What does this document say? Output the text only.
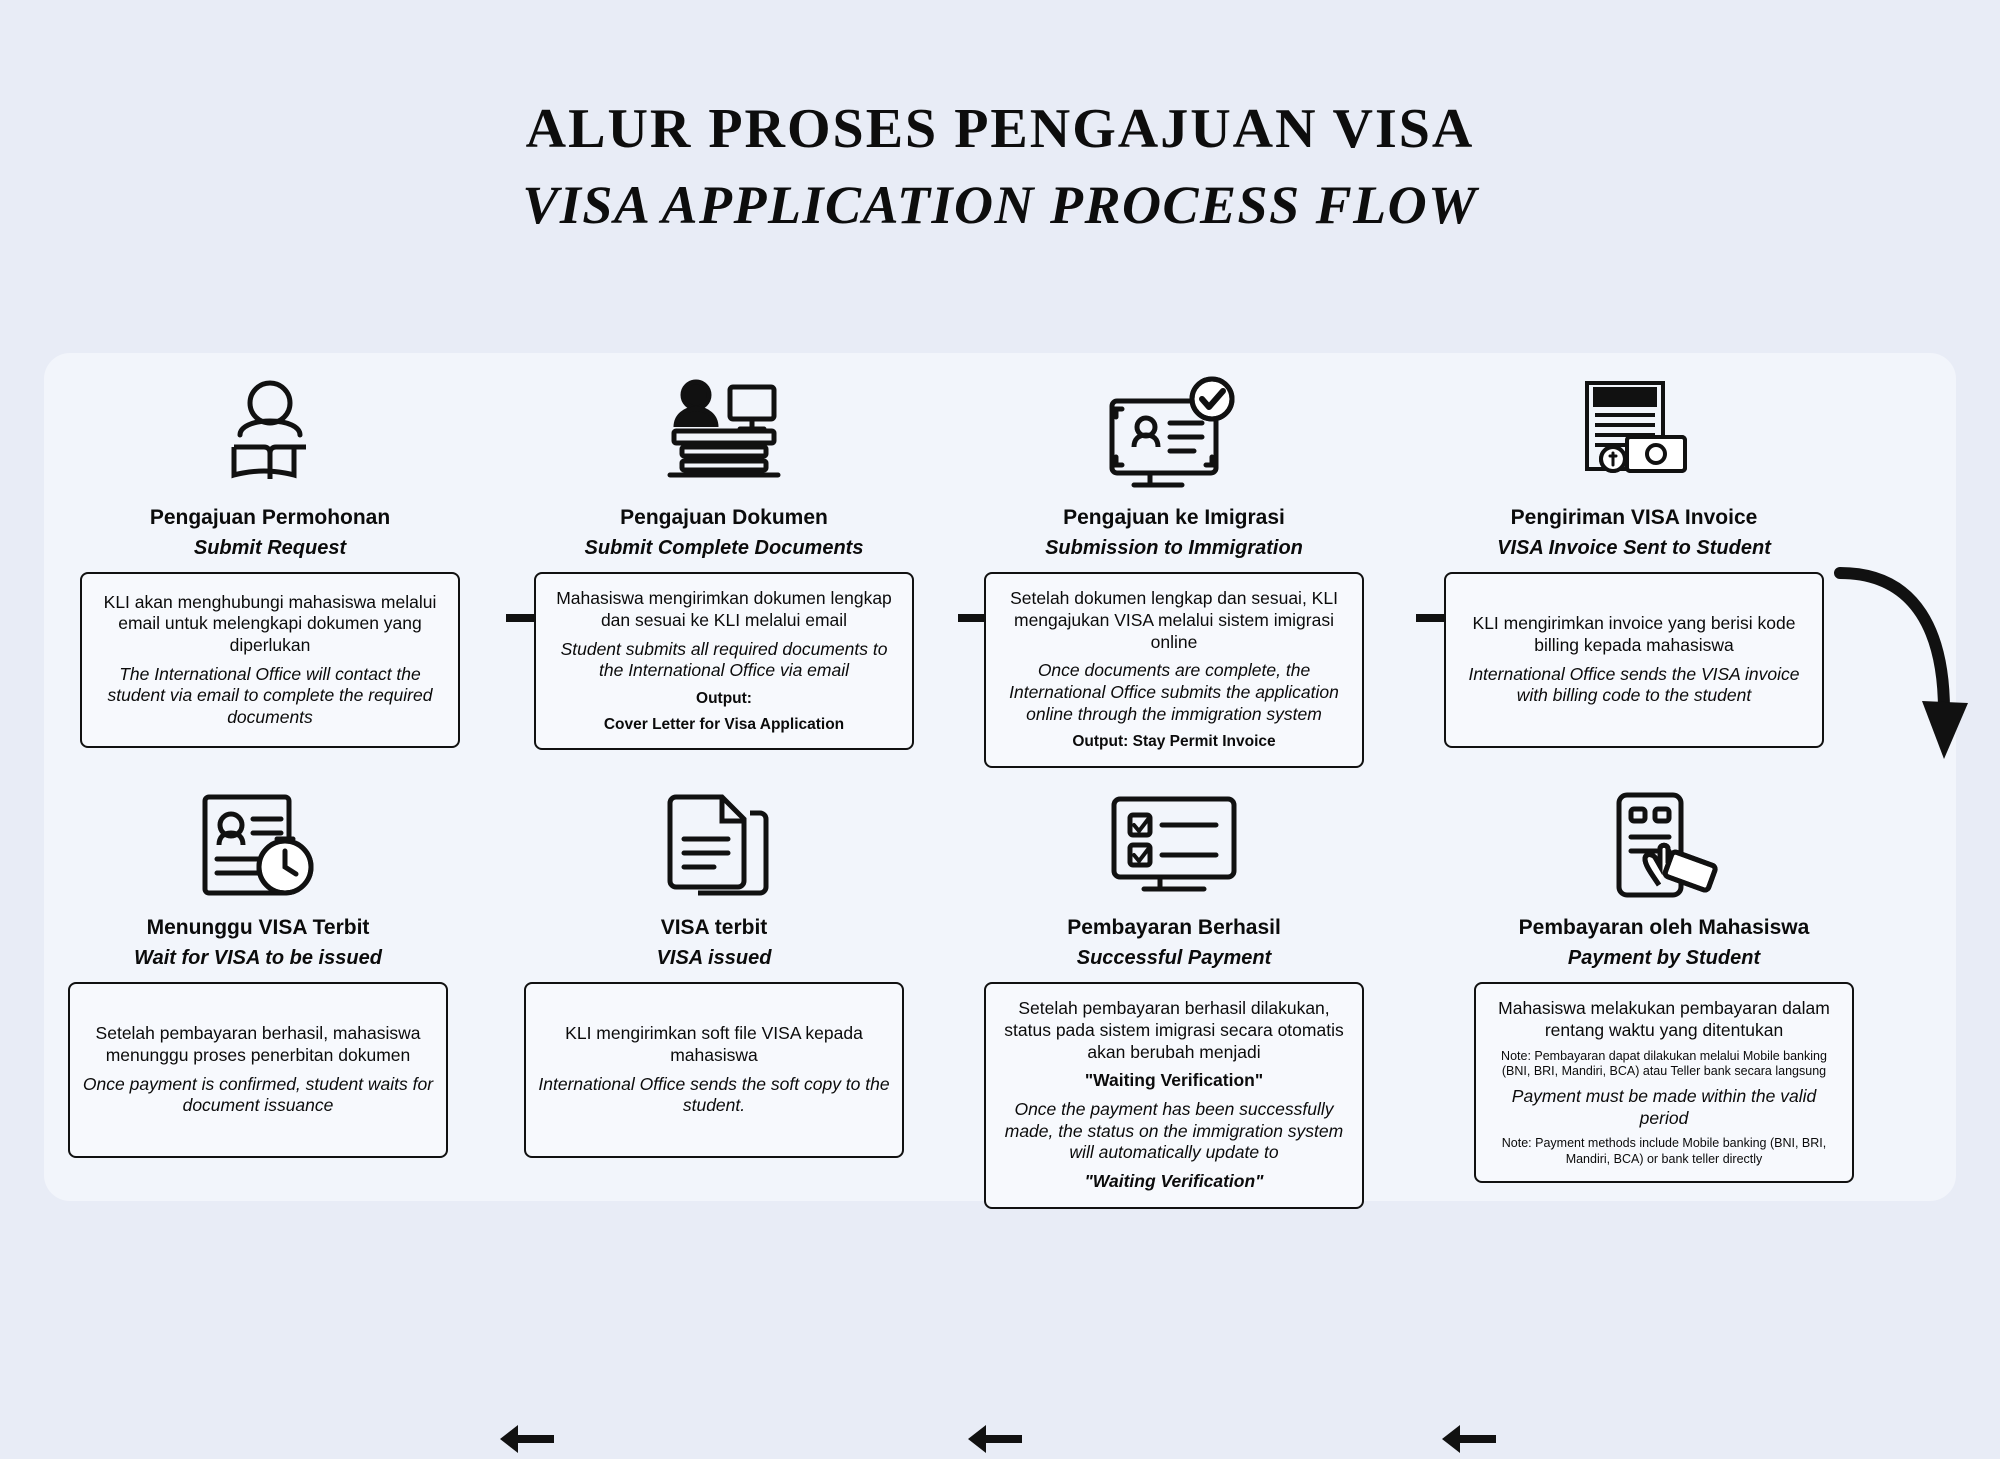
ALUR PROSES PENGAJUAN VISA
VISA APPLICATION PROCESS FLOW
Pengajuan Permohonan
Submit Request

KLI akan menghubungi mahasiswa melalui email untuk melengkapi dokumen yang diperlukan

The International Office will contact the student via email to complete the required documents

Pengajuan Dokumen
Submit Complete Documents

Mahasiswa mengirimkan dokumen lengkap dan sesuai ke KLI melalui email

Student submits all required documents to the International Office via email

Output:

Cover Letter for Visa Application

Pengajuan ke Imigrasi
Submission to Immigration

Setelah dokumen lengkap dan sesuai, KLI mengajukan VISA melalui sistem imigrasi online

Once documents are complete, the International Office submits the application online through the immigration system

Output: Stay Permit Invoice

Pengiriman VISA Invoice
VISA Invoice Sent to Student

KLI mengirimkan invoice yang berisi kode billing kepada mahasiswa

International Office sends the VISA invoice with billing code to the student

Menunggu VISA Terbit
Wait for VISA to be issued

Setelah pembayaran berhasil, mahasiswa menunggu proses penerbitan dokumen

Once payment is confirmed, student waits for document issuance

VISA terbit
VISA issued

KLI mengirimkan soft file VISA kepada mahasiswa

International Office sends the soft copy to the student.

Pembayaran Berhasil
Successful Payment

Setelah pembayaran berhasil dilakukan, status pada sistem imigrasi secara otomatis akan berubah menjadi

"Waiting Verification"

Once the payment has been successfully made, the status on the immigration system will automatically update to

"Waiting Verification"

Pembayaran oleh Mahasiswa
Payment by Student

Mahasiswa melakukan pembayaran dalam rentang waktu yang ditentukan

Note: Pembayaran dapat dilakukan melalui Mobile banking (BNI, BRI, Mandiri, BCA) atau Teller bank secara langsung

Payment must be made within the valid period

Note: Payment methods include Mobile banking (BNI, BRI, Mandiri, BCA) or bank teller directly
